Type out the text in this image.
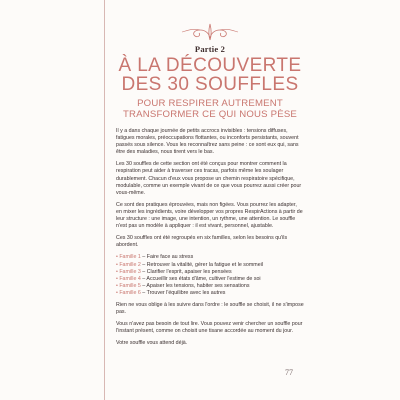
Partie 2
À LA DÉCOUVERTE
DES 30 SOUFFLES
POUR RESPIRER AUTREMENT
TRANSFORMER CE QUI NOUS PÈSE

Il y a dans chaque journée de petits accrocs invisibles : tensions diffuses, fatigues morales, préoccupations flottantes, ou inconforts persistants, souvent passés sous silence. Vous les reconnaîtrez sans peine : ce sont eux qui, sans être des maladies, nous tirent vers le bas.

Les 30 souffles de cette section ont été conçus pour montrer comment la respiration peut aider à traverser ces tracas, parfois même les soulager durablement. Chacun d'eux vous propose un chemin respiratoire spécifique, modulable, comme un exemple vivant de ce que vous pourrez aussi créer pour vous-même.

Ce sont des pratiques éprouvées, mais non figées. Vous pourrez les adapter, en mixer les ingrédients, voire développer vos propres RespirActions à partir de leur structure : une image, une intention, un rythme, une attention. Le souffle n'est pas un modèle à appliquer : il est vivant, personnel, ajustable.

Ces 30 souffles ont été regroupés en six familles, selon les besoins qu'ils abordent.

• Famille 1 – Faire face au stress
• Famille 2 – Retrouver la vitalité, gérer la fatigue et le sommeil
• Famille 3 – Clarifier l'esprit, apaiser les pensées
• Famille 4 – Accueillir ses états d'âme, cultiver l'estime de soi
• Famille 5 – Apaiser les tensions, habiter ses sensations
• Famille 6 – Trouver l'équilibre avec les autres

Rien ne vous oblige à les suivre dans l'ordre : le souffle se choisit, il ne s'impose pas.

Vous n'avez pas besoin de tout lire. Vous pouvez venir chercher un souffle pour l'instant présent, comme on choisit une tisane accordée au moment du jour.

Votre souffle vous attend déjà.

77
